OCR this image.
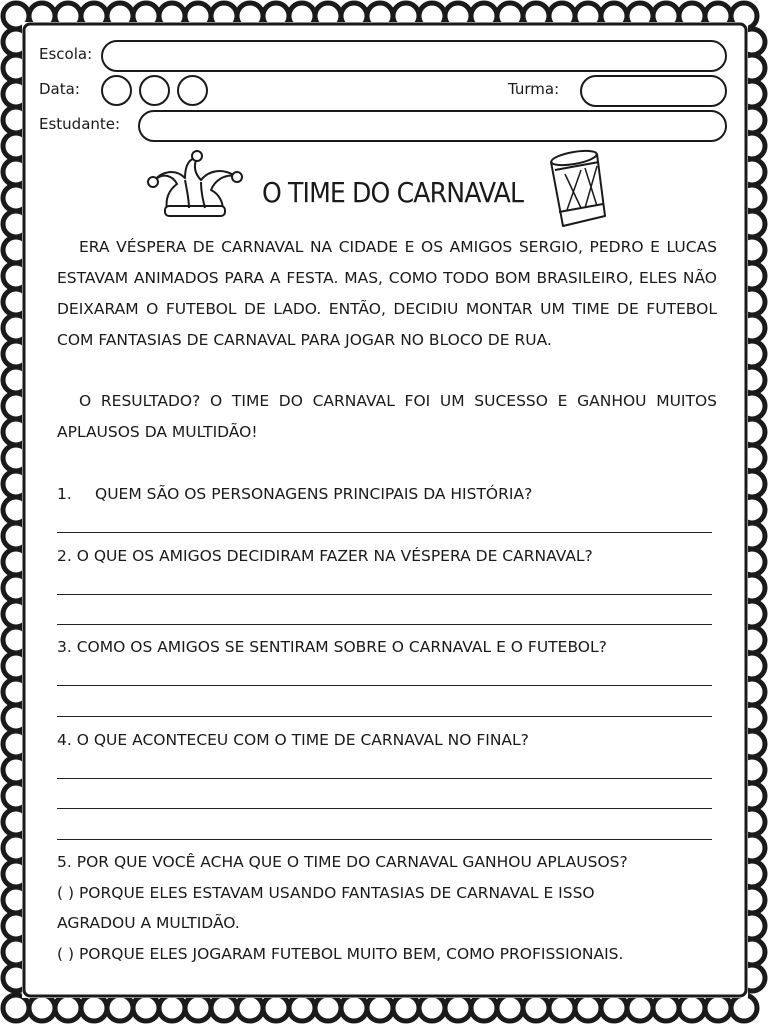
Escola:
Data:	Turma:
Estudante:
O TIME DO CARNAVAL
ERA VÉSPERA DE CARNAVAL NA CIDADE E OS AMIGOS SERGIO, PEDRO E LUCAS ESTAVAM ANIMADOS PARA A FESTA. MAS, COMO TODO BOM BRASILEIRO, ELES NÃO DEIXARAM O FUTEBOL DE LADO. ENTÃO, DECIDIU MONTAR UM TIME DE FUTEBOL COM FANTASIAS DE CARNAVAL PARA JOGAR NO BLOCO DE RUA.
O RESULTADO? O TIME DO CARNAVAL FOI UM SUCESSO E GANHOU MUITOS APLAUSOS DA MULTIDÃO!
1. QUEM SÃO OS PERSONAGENS PRINCIPAIS DA HISTÓRIA?
2. O QUE OS AMIGOS DECIDIRAM FAZER NA VÉSPERA DE CARNAVAL?
3. COMO OS AMIGOS SE SENTIRAM SOBRE O CARNAVAL E O FUTEBOL?
4. O QUE ACONTECEU COM O TIME DE CARNAVAL NO FINAL?
5. POR QUE VOCÊ ACHA QUE O TIME DO CARNAVAL GANHOU APLAUSOS?
( ) PORQUE ELES ESTAVAM USANDO FANTASIAS DE CARNAVAL E ISSO
AGRADOU A MULTIDÃO.
( ) PORQUE ELES JOGARAM FUTEBOL MUITO BEM, COMO PROFISSIONAIS.
